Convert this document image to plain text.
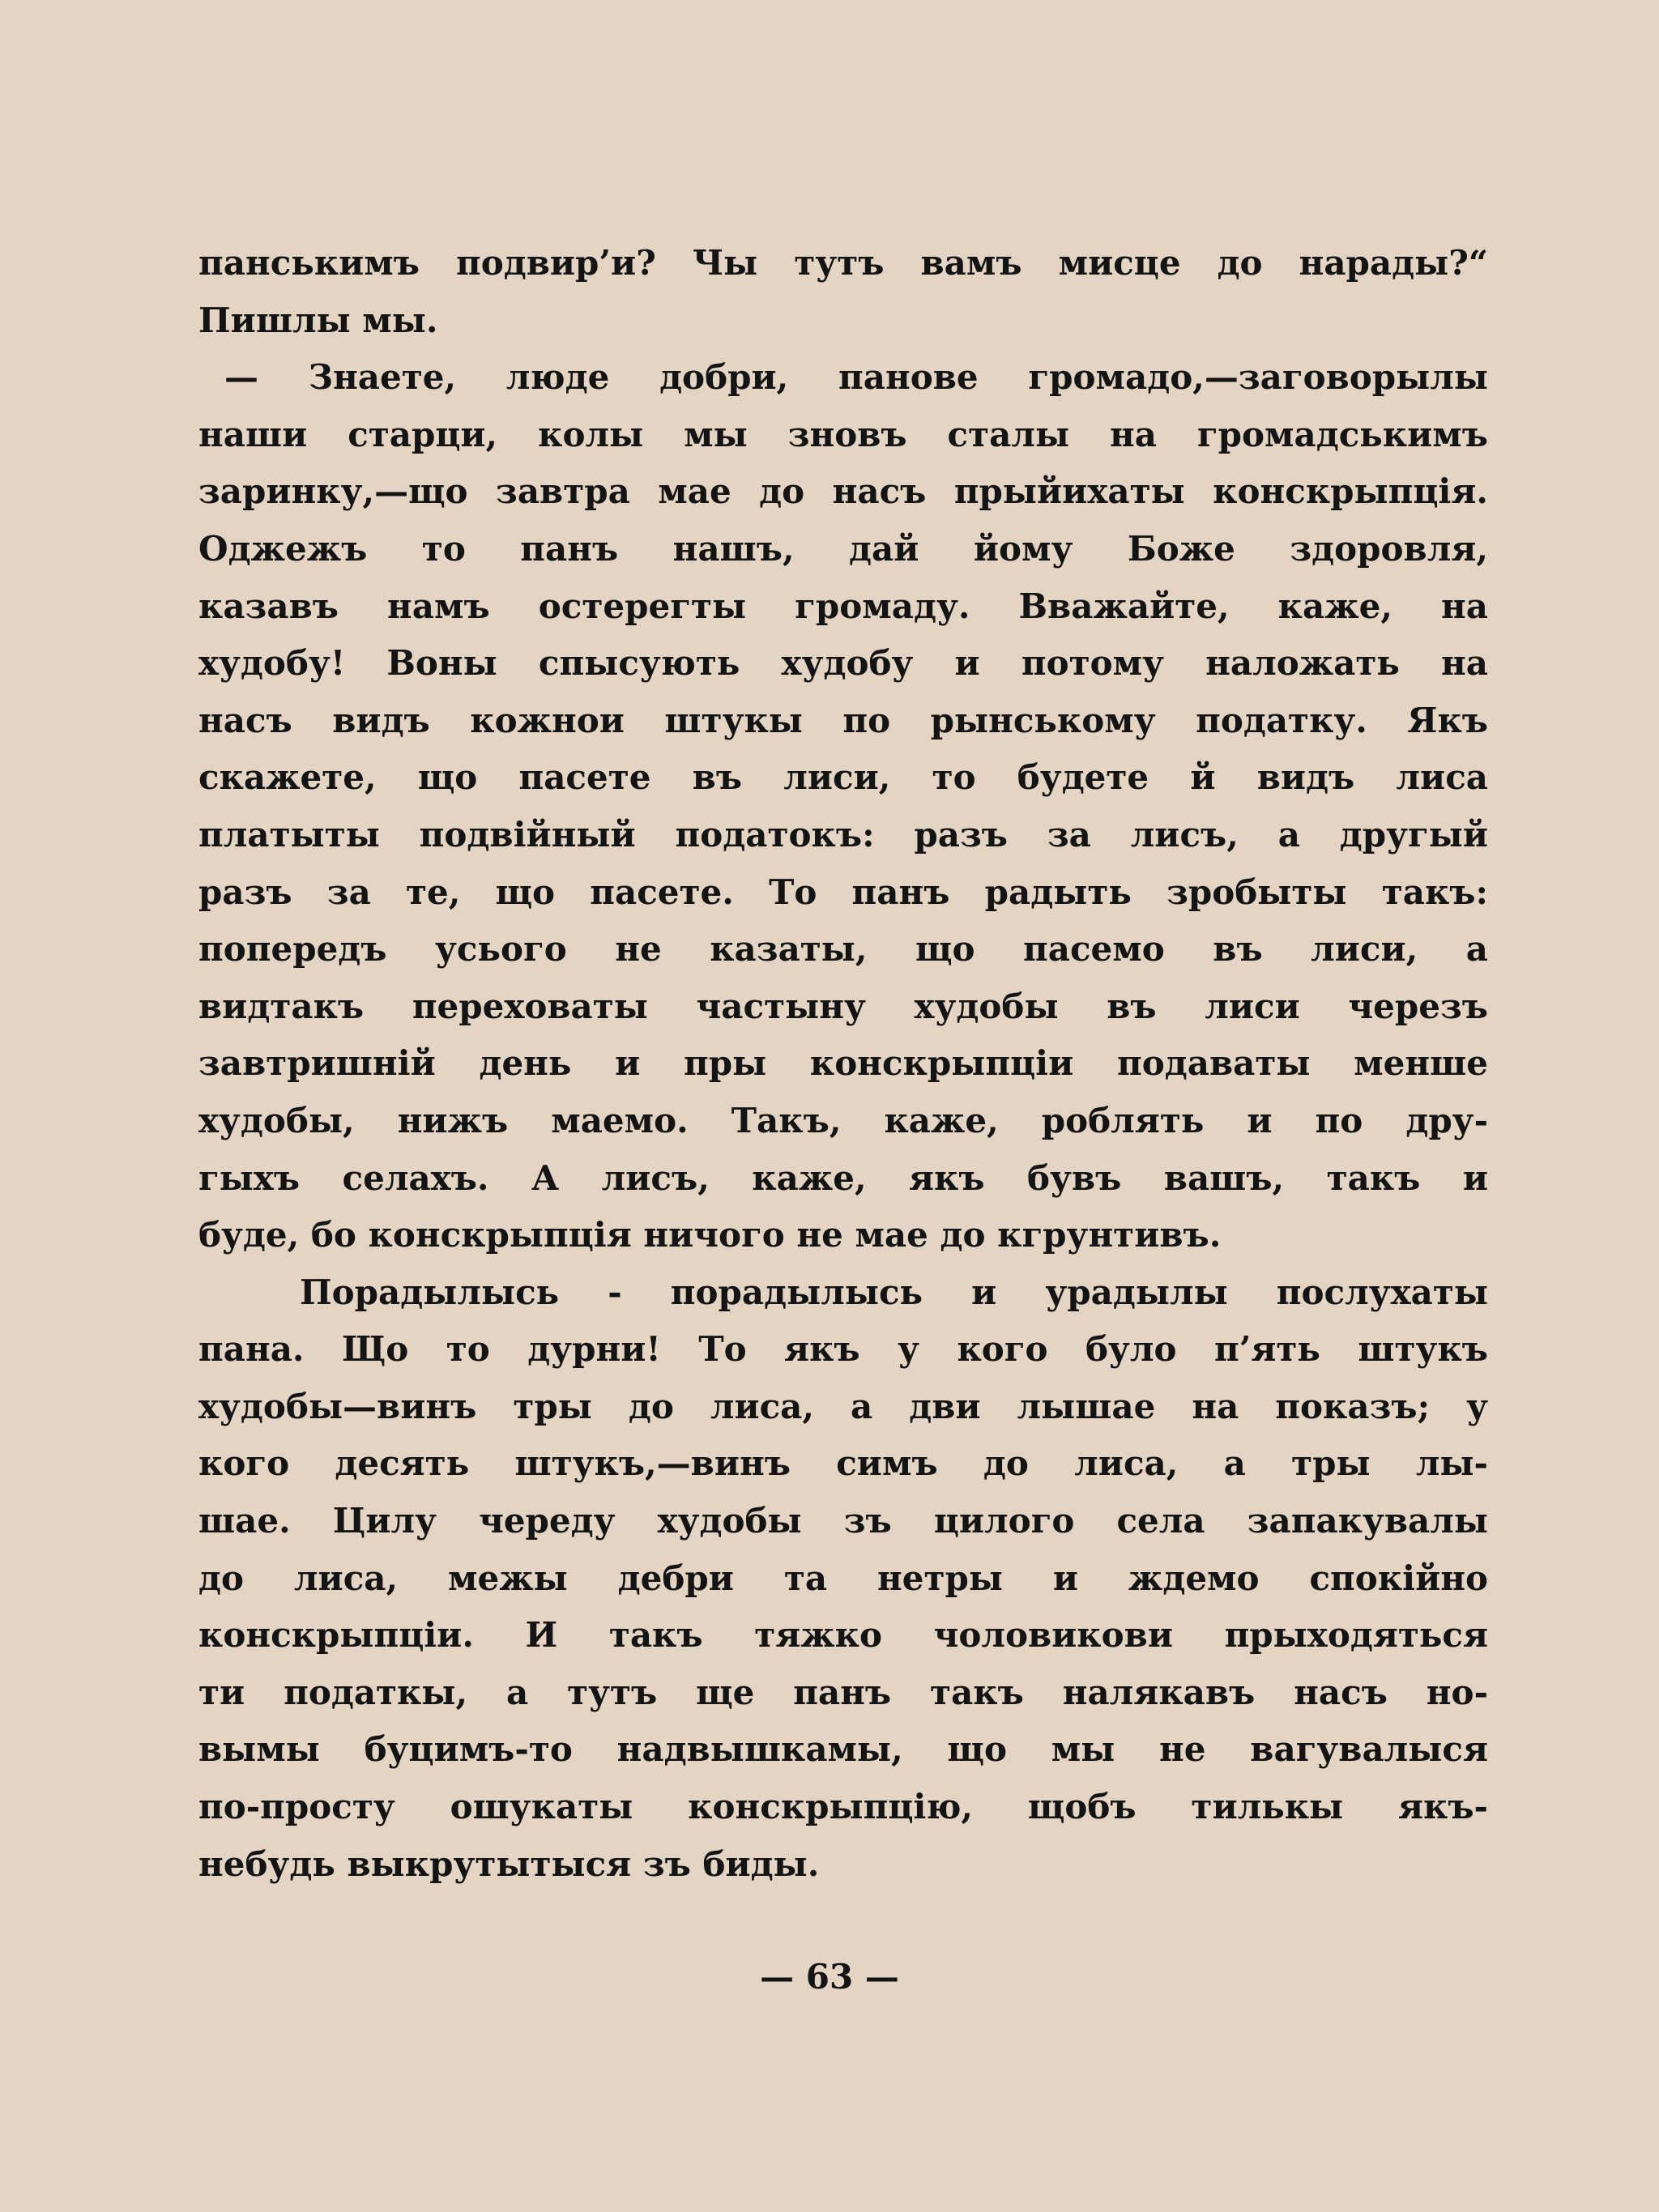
панськимъ подвир’и? Чы тутъ вамъ мисце до нарады?“
Пишлы мы.
— Знаете, люде добри, панове громадо,—заговорылы
наши старци, колы мы зновъ сталы на громадськимъ
заринку,—що завтра мае до насъ прыйихаты конскрыпція.
Оджежъ то панъ нашъ, дай йому Боже здоровля,
казавъ намъ остерегты громаду. Вважайте, каже, на
худобу! Воны спысують худобу и потому наложать на
насъ видъ кожнои штукы по рынському податку. Якъ
скажете, що пасете въ лиси, то будете й видъ лиса
платыты подвійный податокъ: разъ за лисъ, а другый
разъ за те, що пасете. То панъ радыть зробыты такъ:
попередъ усього не казаты, що пасемо въ лиси, а
видтакъ переховаты частыну худобы въ лиси черезъ
завтришній день и пры конскрыпціи подаваты менше
худобы, нижъ маемо. Такъ, каже, роблять и по дру-
гыхъ селахъ. А лисъ, каже, якъ бувъ вашъ, такъ и
буде, бо конскрыпція ничого не мае до кгрунтивъ.
Порадылысь - порадылысь и урадылы послухаты
пана. Що то дурни! То якъ у кого було п’ять штукъ
худобы—винъ тры до лиса, а дви лышае на показъ; у
кого десять штукъ,—винъ симъ до лиса, а тры лы-
шае. Цилу череду худобы зъ цилого села запакувалы
до лиса, межы дебри та нетры и ждемо спокійно
конскрыпціи. И такъ тяжко чоловикови прыходяться
ти податкы, а тутъ ще панъ такъ налякавъ насъ но-
вымы буцимъ-то надвышкамы, що мы не вагувалыся
по-просту ошукаты конскрыпцію, щобъ тилькы якъ-
небудь выкрутытыся зъ биды.
— 63 —
